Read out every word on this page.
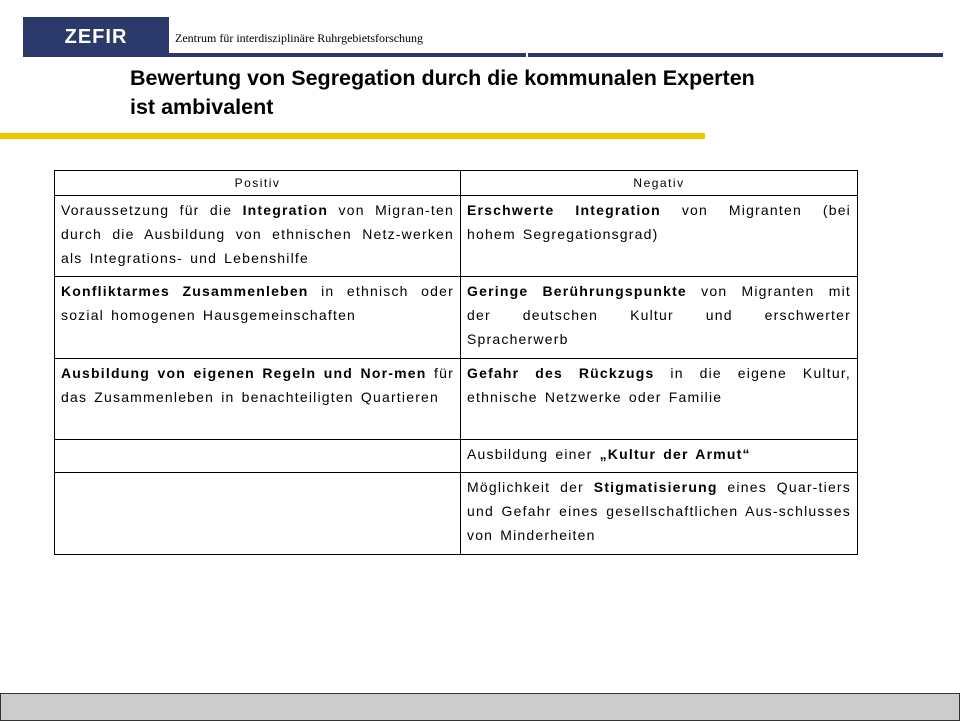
ZEFIR	Zentrum für interdisziplinäre Ruhrgebietsforschung
Bewertung von Segregation durch die kommunalen Experten
ist ambivalent
Positiv	Negativ
Voraussetzung für die Integration von Migran-ten durch die Ausbildung von ethnischen Netz-werken als Integrations- und Lebenshilfe	Erschwerte Integration von Migranten (bei hohem Segregationsgrad)
Konfliktarmes Zusammenleben in ethnisch oder sozial homogenen Hausgemeinschaften	Geringe Berührungspunkte von Migranten mit der deutschen Kultur und erschwerter Spracherwerb
Ausbildung von eigenen Regeln und Nor-men für das Zusammenleben in benachteiligten Quartieren	Gefahr des Rückzugs in die eigene Kultur, ethnische Netzwerke oder Familie
	Ausbildung einer „Kultur der Armut“
	Möglichkeit der Stigmatisierung eines Quar-tiers und Gefahr eines gesellschaftlichen Aus-schlusses von Minderheiten
